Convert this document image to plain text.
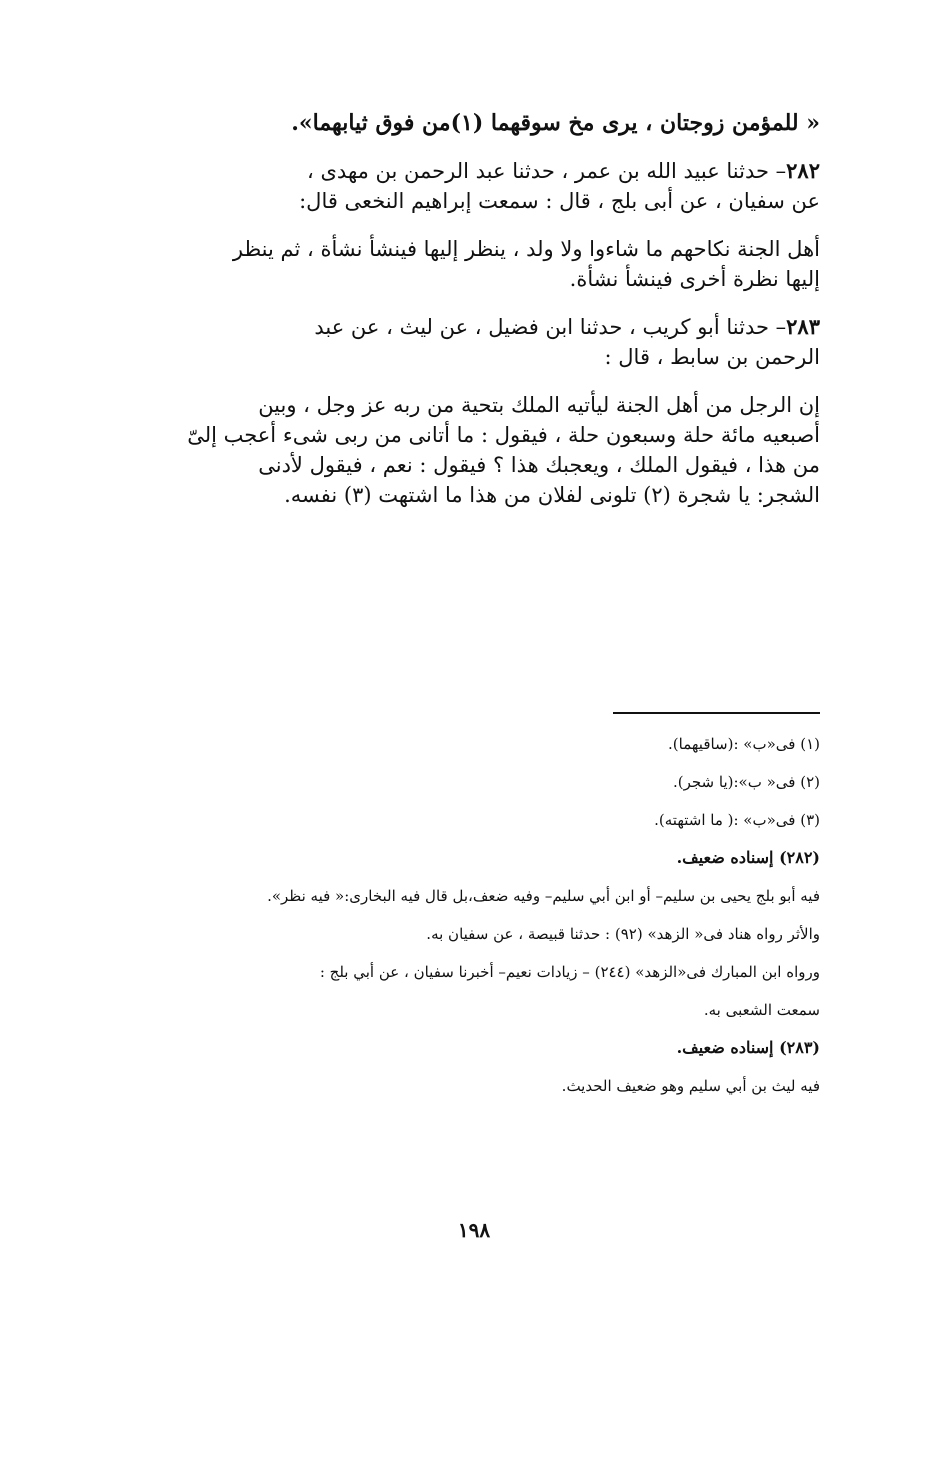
« للمؤمن زوجتان ، يرى مخ سوقهما (١)من فوق ثيابهما».
٢٨٢– حدثنا عبيد الله بن عمر ، حدثنا عبد الرحمن بن مهدى ،
عن سفيان ، عن أبى بلج ، قال : سمعت إبراهيم النخعى قال:
أهل الجنة نكاحهم ما شاءوا ولا ولد ، ينظر إليها فينشأ نشأة ، ثم ينظر
إليها نظرة أخرى فينشأ نشأة.
٢٨٣– حدثنا أبو كريب ، حدثنا ابن فضيل ، عن ليث ، عن عبد
الرحمن بن سابط ، قال :
إن الرجل من أهل الجنة ليأتيه الملك بتحية من ربه عز وجل ، وبين
أصبعيه مائة حلة وسبعون حلة ، فيقول : ما أتانى من ربى شىء أعجب إلىّ
من هذا ، فيقول الملك ، ويعجبك هذا ؟ فيقول : نعم ، فيقول لأدنى
الشجر: يا شجرة (٢) تلونى لفلان من هذا ما اشتهت (٣) نفسه.
(١) فى«ب» :(ساقيهما).
(٢) فى« ب»:(يا شجر).
(٣) فى«ب» :( ما اشتهته).
(٢٨٢) إسناده ضعيف.
فيه أبو بلج يحيى بن سليم– أو ابن أبي سليم– وفيه ضعف،بل قال فيه البخارى:« فيه نظر».
والأثر رواه هناد فى« الزهد» (٩٢) : حدثنا قبيصة ، عن سفيان به.
ورواه ابن المبارك فى«الزهد» (٢٤٤) – زيادات نعيم– أخبرنا سفيان ، عن أبي بلج :
سمعت الشعبى به.
(٢٨٣) إسناده ضعيف.
فيه ليث بن أبي سليم وهو ضعيف الحديث.
١٩٨
